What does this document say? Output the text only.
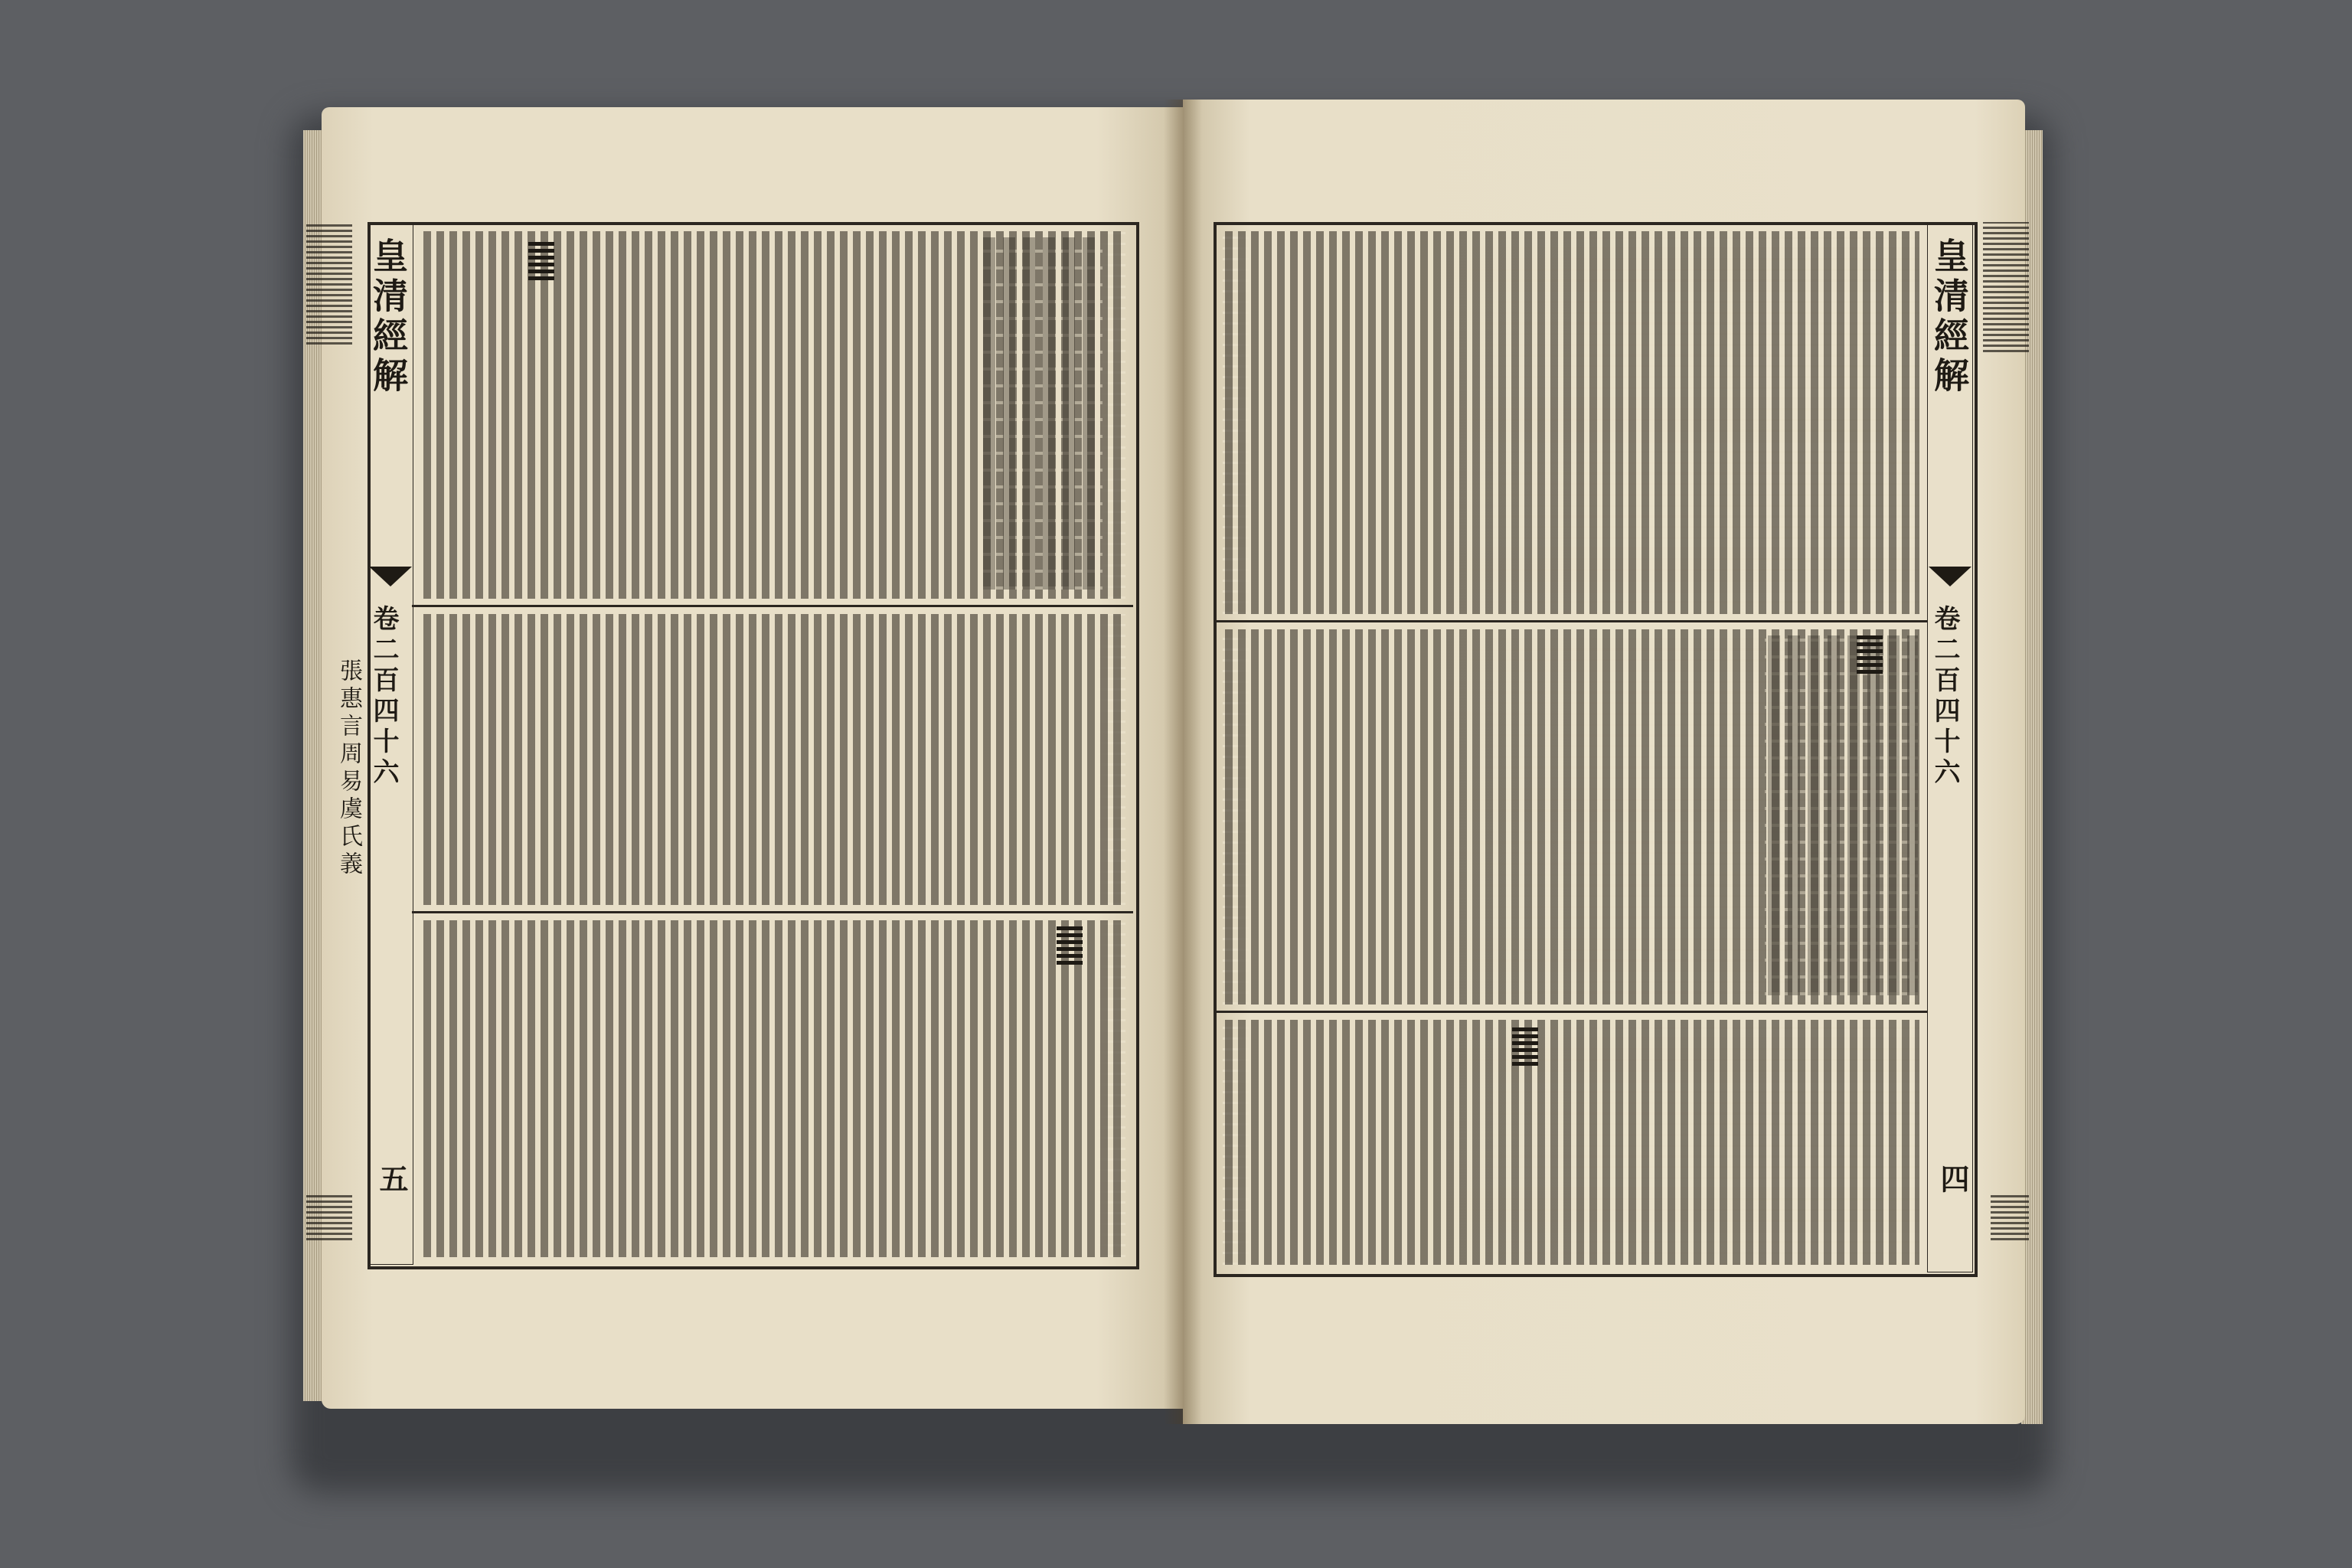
皇清經解
卷二百四十六
五
張惠言周易虞氏義
皇清經解
卷二百四十六
四
